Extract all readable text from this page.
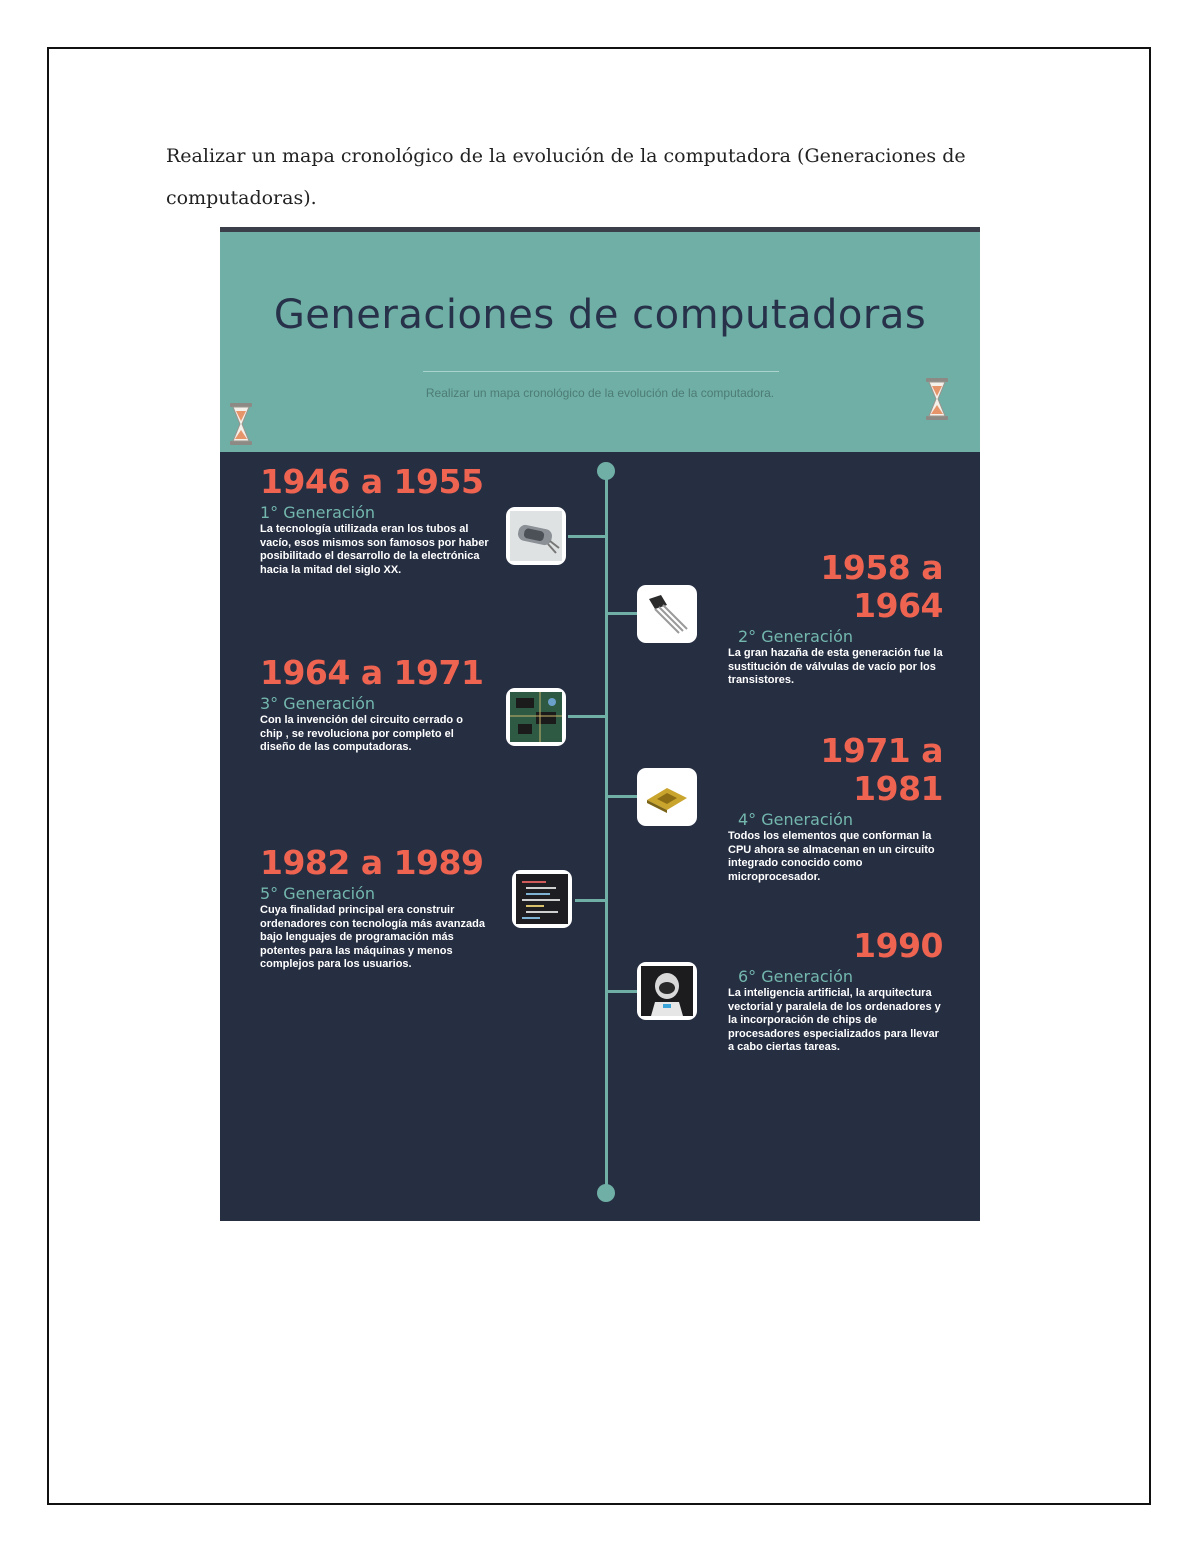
Realizar un mapa cronológico de la evolución de la computadora (Generaciones de computadoras).
Generaciones de computadoras
Realizar un mapa cronológico de la evolución de la computadora.
1946 a 1955
1° Generación
La tecnología utilizada eran los tubos al vacío, esos mismos son famosos por haber posibilitado el desarrollo de la electrónica hacia la mitad del siglo XX.	1958 a 1964
2° Generación
La gran hazaña de esta generación fue la sustitución de válvulas de vacío por los transistores.
1964 a 1971
3° Generación
Con la invención del circuito cerrado o chip , se revoluciona por completo el diseño de las computadoras.	1971 a 1981
4° Generación
Todos los elementos que conforman la CPU ahora se almacenan en un circuito integrado conocido como microprocesador.
1982 a 1989
5° Generación
Cuya finalidad principal era construir ordenadores con tecnología más avanzada bajo lenguajes de programación más potentes para las máquinas y menos complejos para los usuarios.	1990
6° Generación
La inteligencia artificial, la arquitectura vectorial y paralela de los ordenadores y la incorporación de chips de procesadores especializados para llevar a cabo ciertas tareas.
